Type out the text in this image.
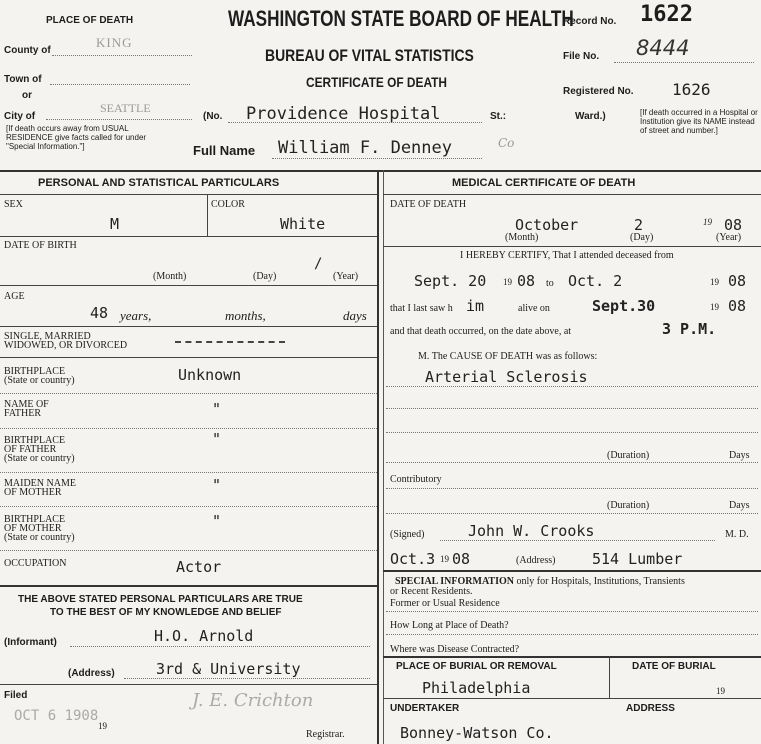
PLACE OF DEATH	WASHINGTON STATE BOARD OF HEALTH
BUREAU OF VITAL STATISTICS
CERTIFICATE OF DEATH
Record No. 1622
File No. 8444
Registered No. 1626
County of
KING
Town of
or
City of
SEATTLE
[If death occurs away from USUAL RESIDENCE give facts called for under "Special Information."]
(No. Providence Hospital	St.:	Ward.)	[If death occurred in a Hospital or Institution give its NAME instead of street and number.]
Full Name William F. Denney	Co
PERSONAL AND STATISTICAL PARTICULARS
SEX
M
COLOR
White
DATE OF BIRTH
/
(Month)	(Day)	(Year)
AGE
48 years,	months,	days
SINGLE, MARRIED
WIDOWED, OR DIVORCED
BIRTHPLACE
(State or country)	Unknown
NAME OF
FATHER	"
BIRTHPLACE
OF FATHER
(State or country)
"
MAIDEN NAME
OF MOTHER	"
BIRTHPLACE
OF MOTHER
(State or country)
"
OCCUPATION	Actor
THE ABOVE STATED PERSONAL PARTICULARS ARE TRUE
TO THE BEST OF MY KNOWLEDGE AND BELIEF
(Informant)	H.O. Arnold
(Address)	3rd & University
Filed
OCT 6 1908
19
J. E. Crichton
Registrar.
MEDICAL CERTIFICATE OF DEATH
DATE OF DEATH
October	2	19 08
(Month)	(Day)	(Year)
I HEREBY CERTIFY, That I attended deceased from
Sept. 20 19 08 to Oct. 2	19 08
that I last saw h im	alive on	Sept.30	19 08
and that death occurred, on the date above, at	3 P.M.
M. The CAUSE OF DEATH was as follows:
Arterial Sclerosis
(Duration)	Days
Contributory
(Duration)	Days
(Signed)	John W. Crooks	M. D.
Oct.3 19 08	(Address) 514 Lumber
SPECIAL INFORMATION only for Hospitals, Institutions, Transients
or Recent Residents.
Former or Usual Residence
How Long at Place of Death?
Where was Disease Contracted?
PLACE OF BURIAL OR REMOVAL	DATE OF BURIAL
Philadelphia	19
UNDERTAKER	ADDRESS
Bonney-Watson Co.
